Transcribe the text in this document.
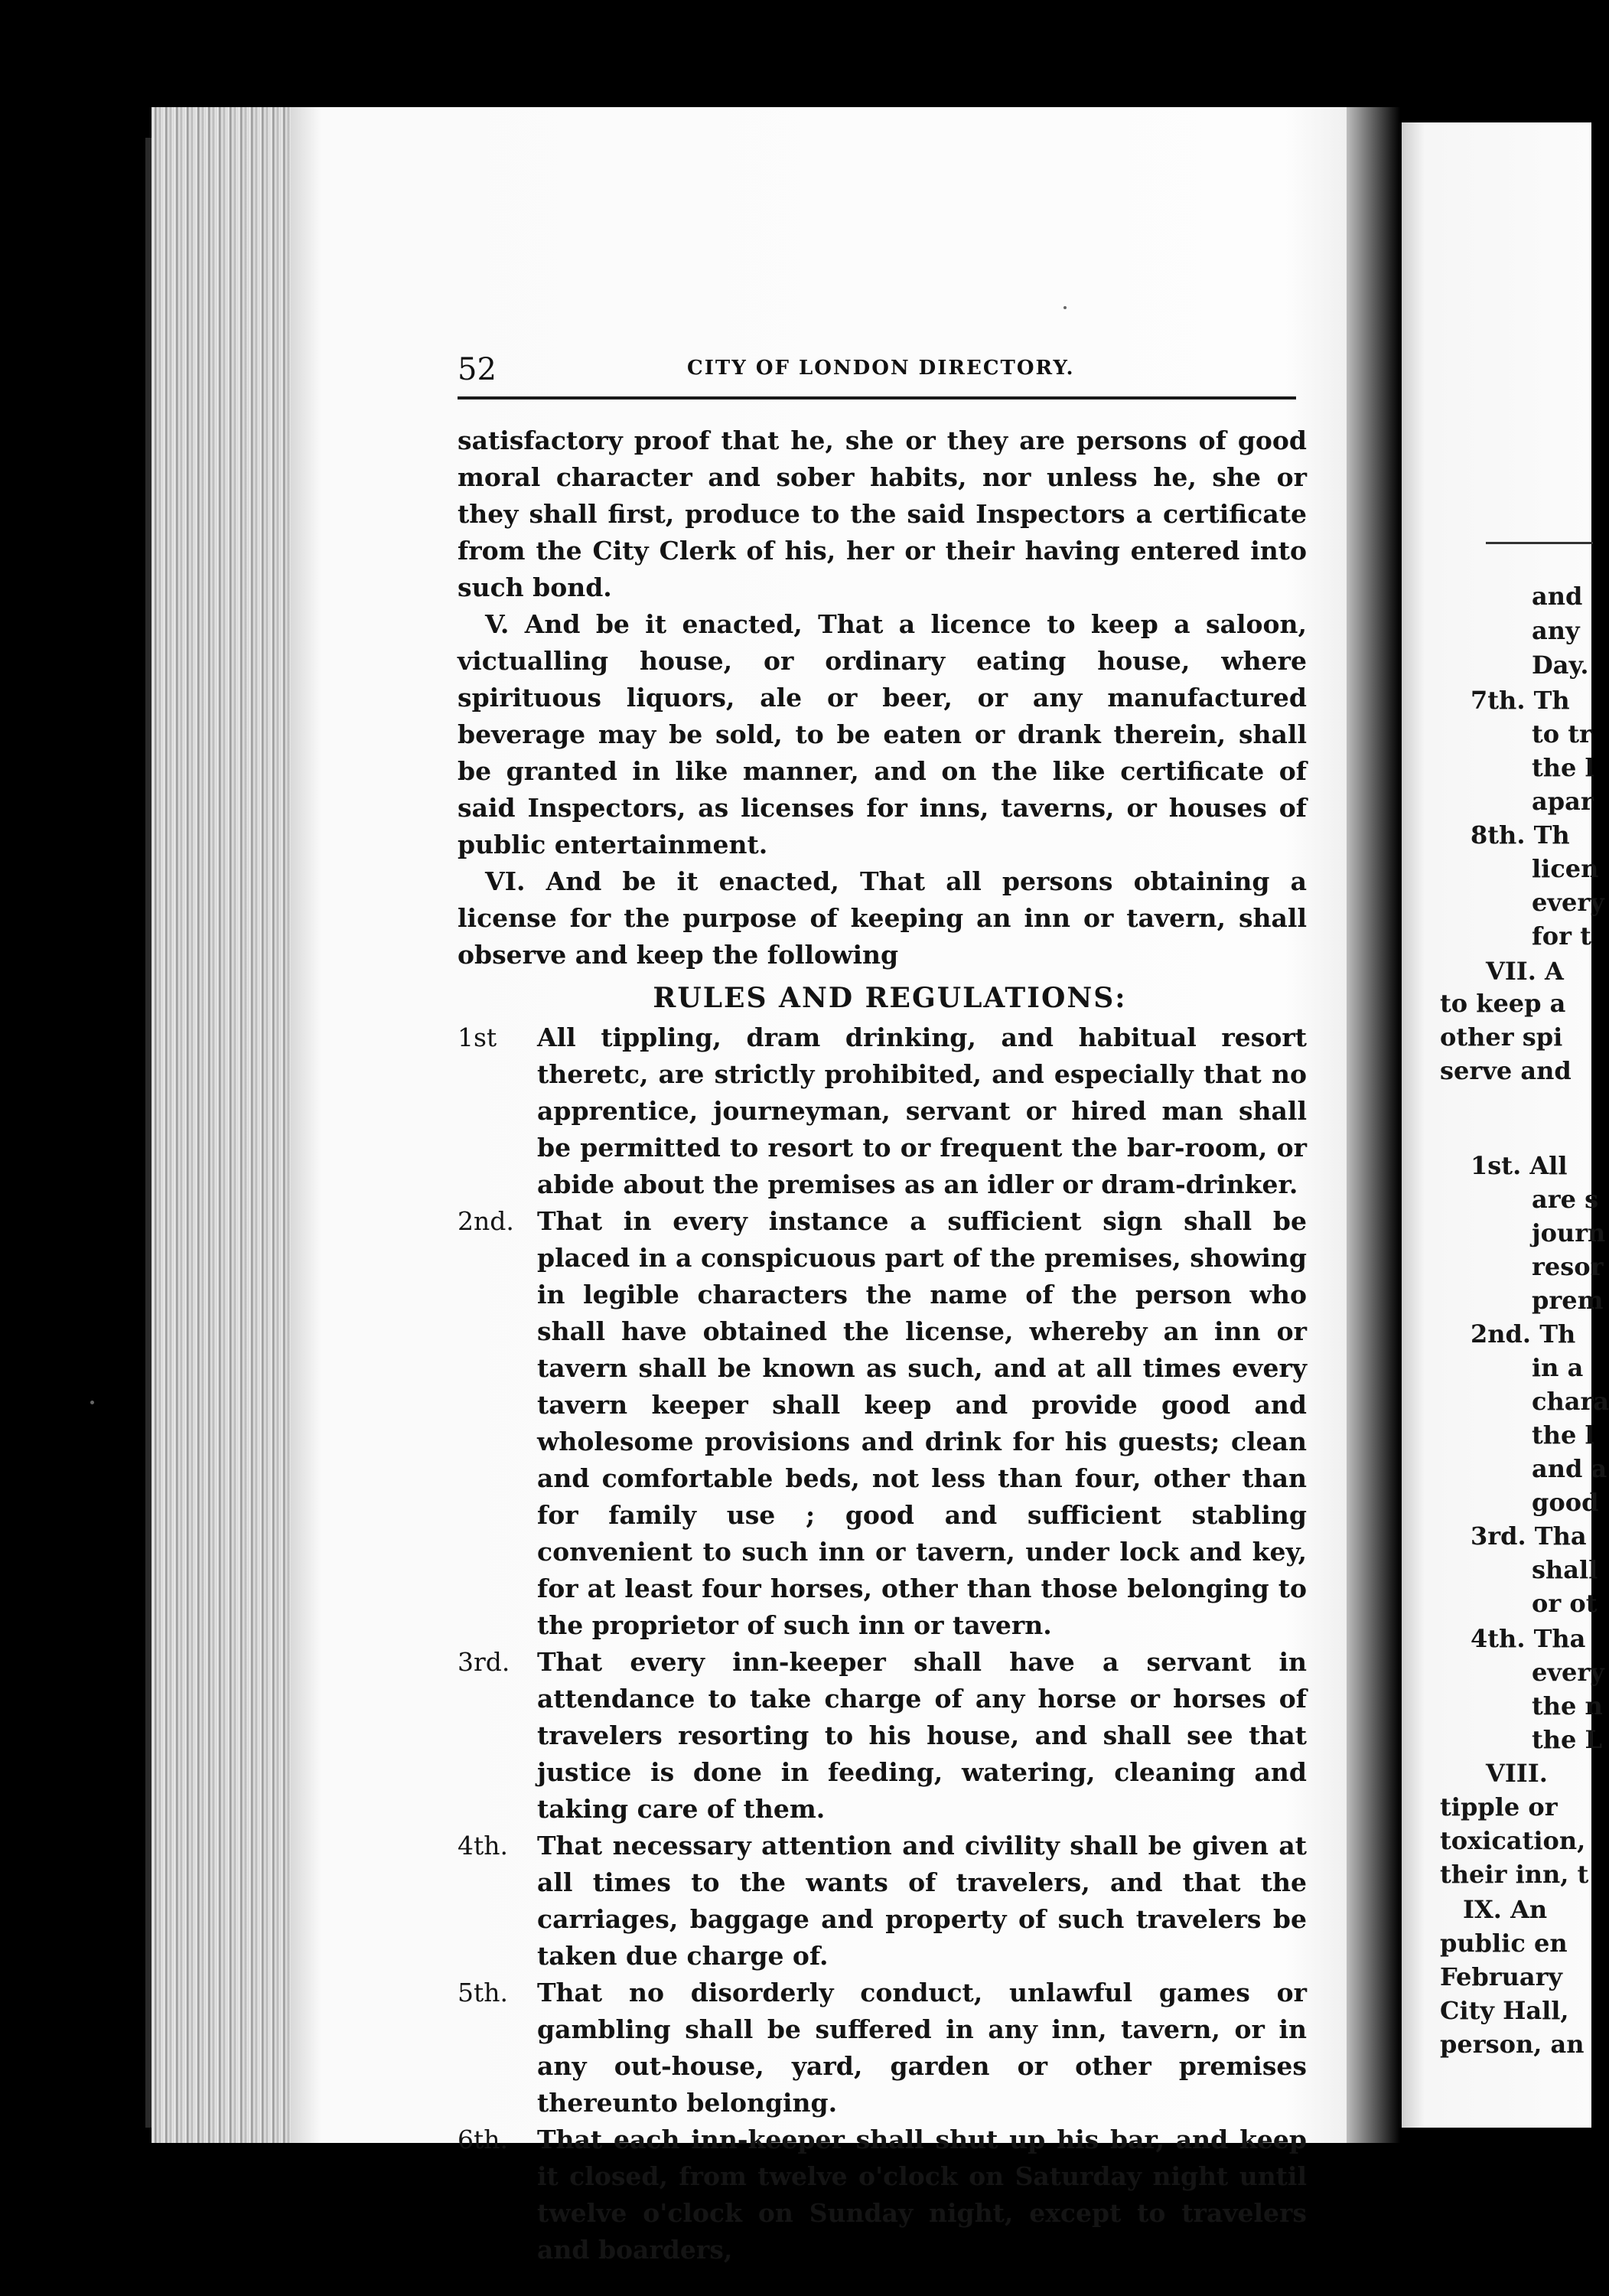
52	CITY OF LONDON DIRECTORY.

satisfactory proof that he, she or they are persons of good moral character and sober habits, nor unless he, she or they shall first, produce to the said Inspectors a certificate from the City Clerk of his, her or their having entered into such bond.

V. And be it enacted, That a licence to keep a saloon, victualling house, or ordinary eating house, where spirituous liquors, ale or beer, or any manufactured beverage may be sold, to be eaten or drank therein, shall be granted in like manner, and on the like certificate of said Inspectors, as licenses for inns, taverns, or houses of public entertainment.

VI. And be it enacted, That all persons obtaining a license for the purpose of keeping an inn or tavern, shall observe and keep the following

RULES AND REGULATIONS:

1st	All tippling, dram drinking, and habitual resort theretc, are strictly prohibited, and especially that no apprentice, journeyman, servant or hired man shall be permitted to resort to or frequent the bar-room, or abide about the premises as an idler or dram-drinker.
2nd. That in every instance a sufficient sign shall be placed in a conspicuous part of the premises, showing in legible characters the name of the person who shall have obtained the license, whereby an inn or tavern shall be known as such, and at all times every tavern keeper shall keep and provide good and wholesome provisions and drink for his guests; clean and comfortable beds, not less than four, other than for family use ; good and sufficient stabling convenient to such inn or tavern, under lock and key, for at least four horses, other than those belonging to the proprietor of such inn or tavern.
3rd.	That every inn-keeper shall have a servant in attendance to take charge of any horse or horses of travelers resorting to his house, and shall see that justice is done in feeding, watering, cleaning and taking care of them.
4th.	That necessary attention and civility shall be given at all times to the wants of travelers, and that the carriages, baggage and property of such travelers be taken due charge of.
5th.	That no disorderly conduct, unlawful games or gambling shall be suffered in any inn, tavern, or in any out-house, yard, garden or other premises thereunto belonging.
6th.	That each inn-keeper shall shut up his bar, and keep it closed, from twelve o'clock on Saturday night until twelve o'clock on Sunday night, except to travelers and boarders,
and
any
Day.
7th. Th
to tr
the l
apar
8th. Th
licen
every
for t
VII. A
to keep a
other spi
serve and
1st. All
are s
journ
resor
prem
2nd. Th
in a
chara
the l
and a
good
3rd. Tha
shall
or ot
4th. Tha
every
the n
the L
VIII.
tipple or
toxication,
their inn, t
IX. An
public en
February
City Hall,
person, an
